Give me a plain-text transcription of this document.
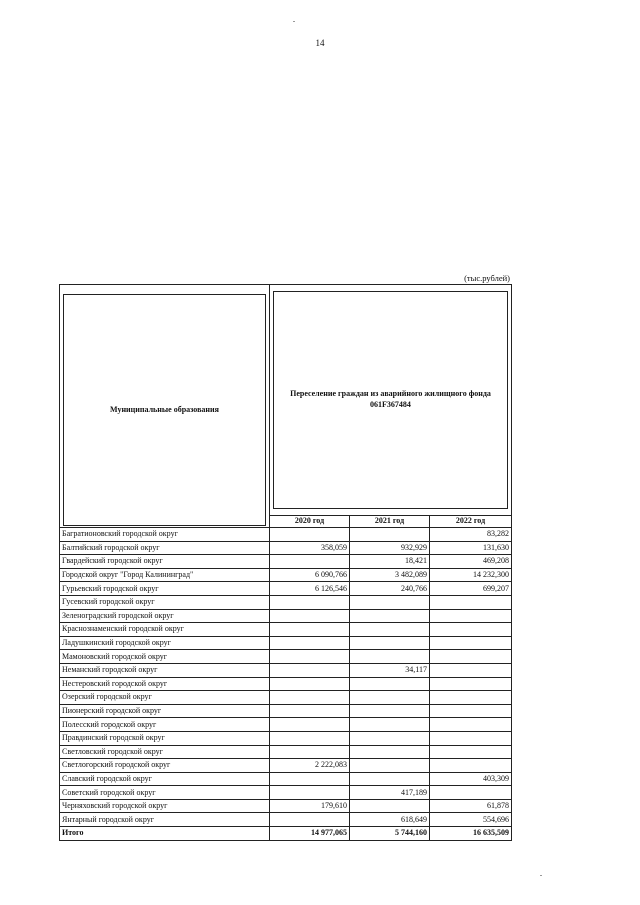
14
(тыс.рублей)
Муниципальные образования	Переселение граждан из аварийного жилищного фонда 061F367484		

	2020 год	2021 год	2022 год
Багратионовский городской округ			83,282
Балтийский городской округ	358,059	932,929	131,630
Гвардейский городской округ		18,421	469,208
Городской округ "Город Калининград"	6 090,766	3 482,089	14 232,300
Гурьевский городской округ	6 126,546	240,766	699,207
Гусевский городской округ			
Зеленоградский городской округ			
Краснознаменский городской округ			
Ладушкинский городской округ			
Мамоновский городской округ			
Неманский городской округ		34,117	
Нестеровский городской округ			
Озерский городской округ			
Пионерский городской округ			
Полесский городской округ			
Правдинский городской округ			
Светловский городской округ			
Светлогорский городской округ	2 222,083		
Славский городской округ			403,309
Советский городской округ		417,189	
Черняховский городской округ	179,610		61,878
Янтарный городской округ		618,649	554,696
Итого	14 977,065	5 744,160	16 635,509
